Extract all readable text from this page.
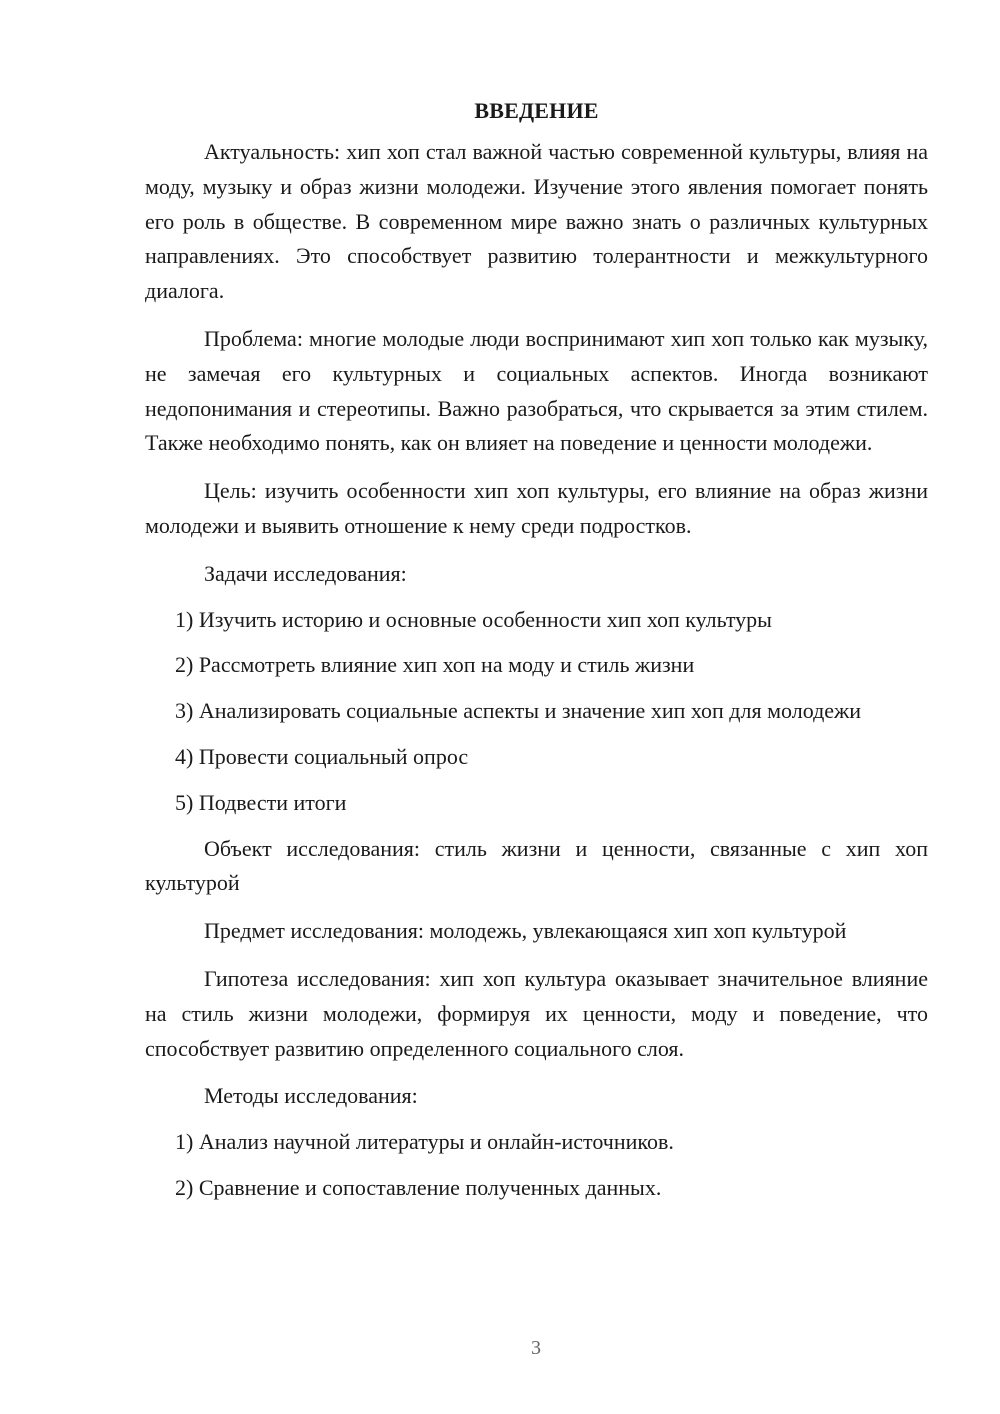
ВВЕДЕНИЕ

Актуальность: хип хоп стал важной частью современной культуры, влияя на моду, музыку и образ жизни молодежи. Изучение этого явления помогает понять его роль в обществе. В современном мире важно знать о различных культурных направлениях. Это способствует развитию толерантности и межкультурного диалога.

Проблема: многие молодые люди воспринимают хип хоп только как музыку, не замечая его культурных и социальных аспектов. Иногда возникают недопонимания и стереотипы. Важно разобраться, что скрывается за этим стилем. Также необходимо понять, как он влияет на поведение и ценности молодежи.

Цель: изучить особенности хип хоп культуры, его влияние на образ жизни молодежи и выявить отношение к нему среди подростков.

Задачи исследования:

1) Изучить историю и основные особенности хип хоп культуры

2) Рассмотреть влияние хип хоп на моду и стиль жизни

3) Анализировать социальные аспекты и значение хип хоп для молодежи

4) Провести социальный опрос

5) Подвести итоги

Объект исследования: стиль жизни и ценности, связанные с хип хоп культурой

Предмет исследования: молодежь, увлекающаяся хип хоп культурой

Гипотеза исследования: хип хоп культура оказывает значительное влияние на стиль жизни молодежи, формируя их ценности, моду и поведение, что способствует развитию определенного социального слоя.

Методы исследования:

1) Анализ научной литературы и онлайн-источников.

2) Сравнение и сопоставление полученных данных.

3
